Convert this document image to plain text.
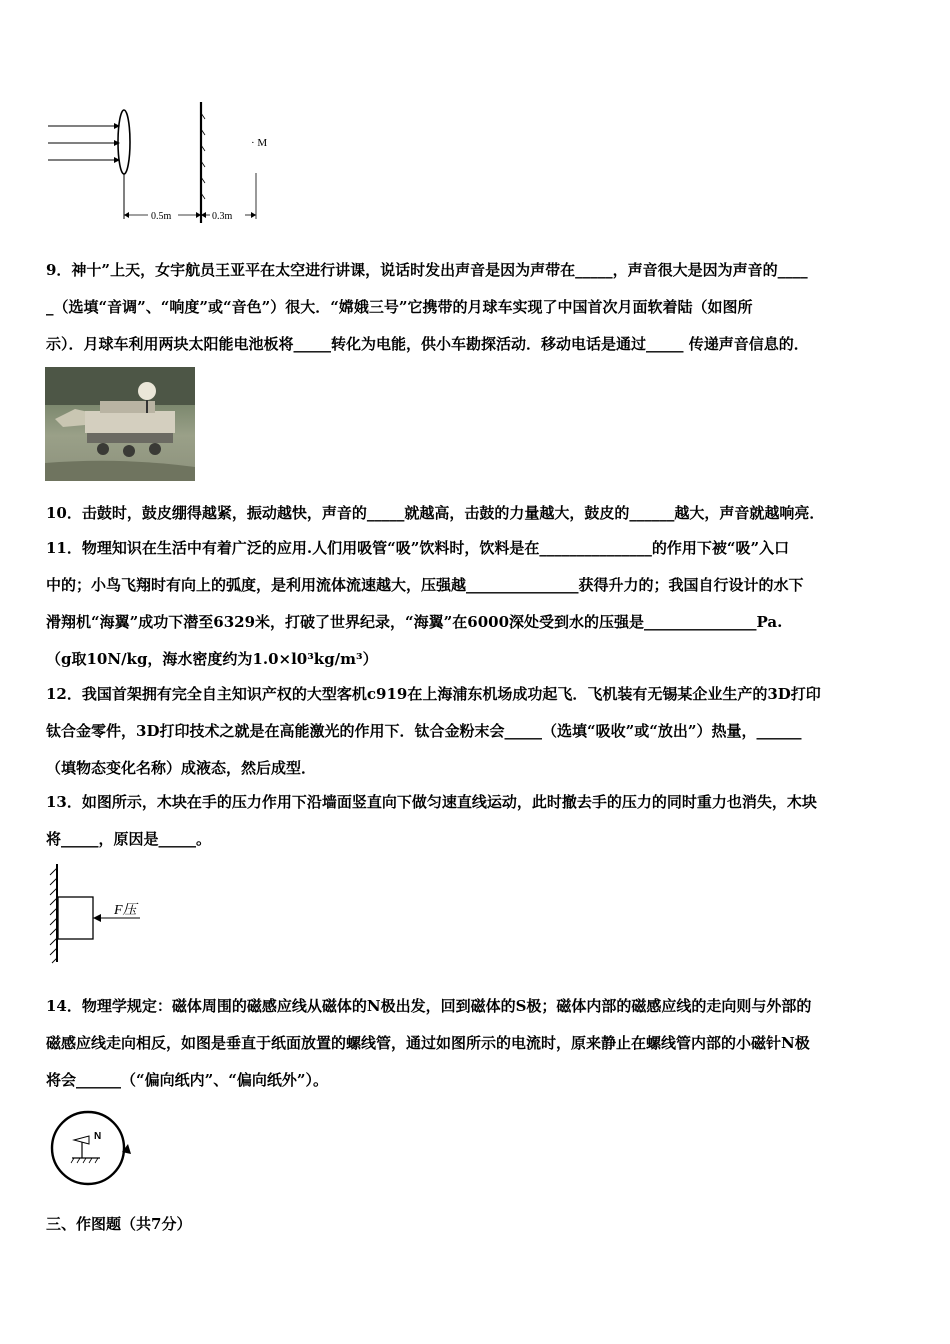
· M
0.5m	0.3m
9．神十”上天，女宇航员王亚平在太空进行讲课，说话时发出声音是因为声带在_____，声音很大是因为声音的____
_（选填“音调”、“响度”或“音色”）很大．“嫦娥三号”它携带的月球车实现了中国首次月面软着陆（如图所
示）．月球车利用两块太阳能电池板将_____转化为电能，供小车勘探活动．移动电话是通过_____ 传递声音信息的．
10．击鼓时，鼓皮绷得越紧，振动越快，声音的_____就越高，击鼓的力量越大，鼓皮的______越大，声音就越响亮．
11．物理知识在生活中有着广泛的应用.人们用吸管“吸”饮料时，饮料是在_______________的作用下被“吸”入口
中的；小鸟飞翔时有向上的弧度，是利用流体流速越大，压强越_______________获得升力的；我国自行设计的水下
滑翔机“海翼”成功下潜至6329米，打破了世界纪录，“海翼”在6000深处受到水的压强是_______________Pa.
（g取10N/kg，海水密度约为1.0×l0³kg/m³）
12．我国首架拥有完全自主知识产权的大型客机c919在上海浦东机场成功起飞．飞机装有无锡某企业生产的3D打印
钛合金零件，3D打印技术之就是在高能激光的作用下．钛合金粉末会_____（选填“吸收”或“放出”）热量，______
（填物态变化名称）成液态，然后成型．
13．如图所示，木块在手的压力作用下沿墙面竖直向下做匀速直线运动，此时撤去手的压力的同时重力也消失，木块
将_____，原因是_____。
F压
14．物理学规定：磁体周围的磁感应线从磁体的N极出发，回到磁体的S极；磁体内部的磁感应线的走向则与外部的
磁感应线走向相反，如图是垂直于纸面放置的螺线管，通过如图所示的电流时，原来静止在螺线管内部的小磁针N极
将会______（“偏向纸内”、“偏向纸外”）。
N
三、作图题（共7分）
